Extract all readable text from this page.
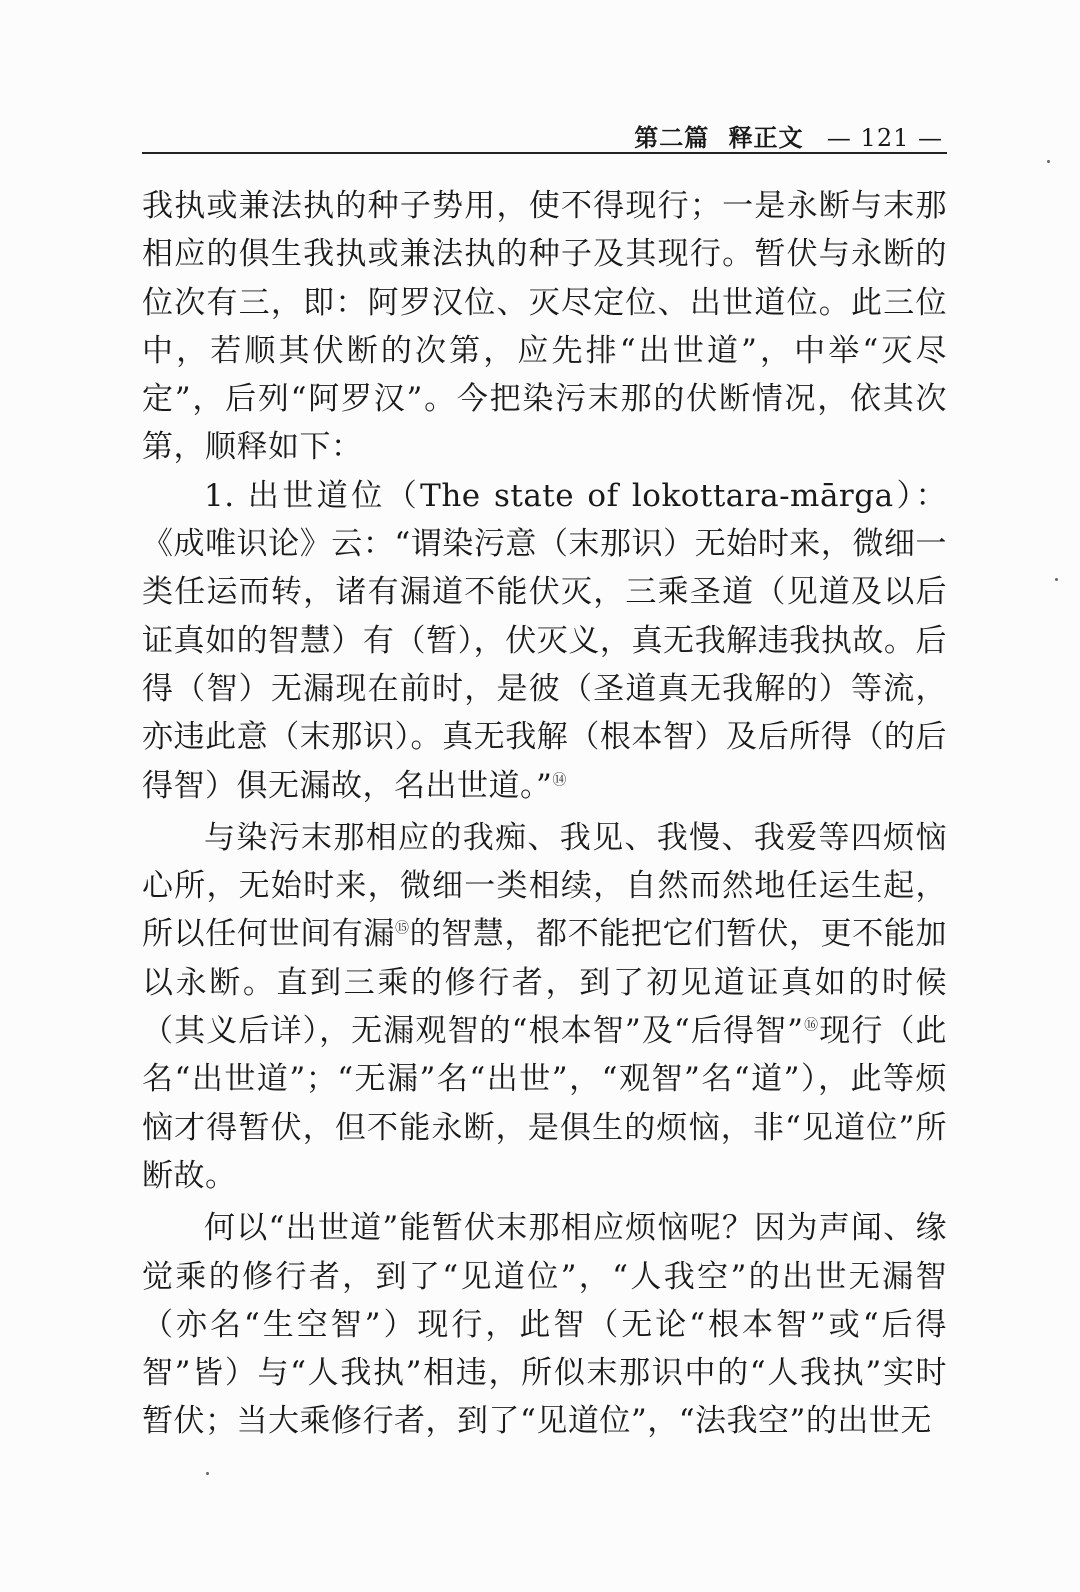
第二篇 释正文 — 121 —

我执或兼法执的种子势用，使不得现行；一是永断与末那相应的俱生我执或兼法执的种子及其现行。暂伏与永断的位次有三，即：阿罗汉位、灭尽定位、出世道位。此三位中，若顺其伏断的次第，应先排“出世道”，中举“灭尽定”，后列“阿罗汉”。今把染污末那的伏断情况，依其次第，顺释如下：

1. 出世道位（The state of lokottara-mārga）：《成唯识论》云：“谓染污意（末那识）无始时来，微细一类任运而转，诸有漏道不能伏灭，三乘圣道（见道及以后证真如的智慧）有（暂），伏灭义，真无我解违我执故。后得（智）无漏现在前时，是彼（圣道真无我解的）等流，亦违此意（末那识）。真无我解（根本智）及后所得（的后得智）俱无漏故，名出世道。”⑭

与染污末那相应的我痴、我见、我慢、我爱等四烦恼心所，无始时来，微细一类相续，自然而然地任运生起，所以任何世间有漏⑮的智慧，都不能把它们暂伏，更不能加以永断。直到三乘的修行者，到了初见道证真如的时候（其义后详），无漏观智的“根本智”及“后得智”⑯现行（此名“出世道”；“无漏”名“出世”，“观智”名“道”），此等烦恼才得暂伏，但不能永断，是俱生的烦恼，非“见道位”所断故。

何以“出世道”能暂伏末那相应烦恼呢？因为声闻、缘觉乘的修行者，到了“见道位”，“人我空”的出世无漏智（亦名“生空智”）现行，此智（无论“根本智”或“后得智”皆）与“人我执”相违，所似末那识中的“人我执”实时暂伏；当大乘修行者，到了“见道位”，“法我空”的出世无
